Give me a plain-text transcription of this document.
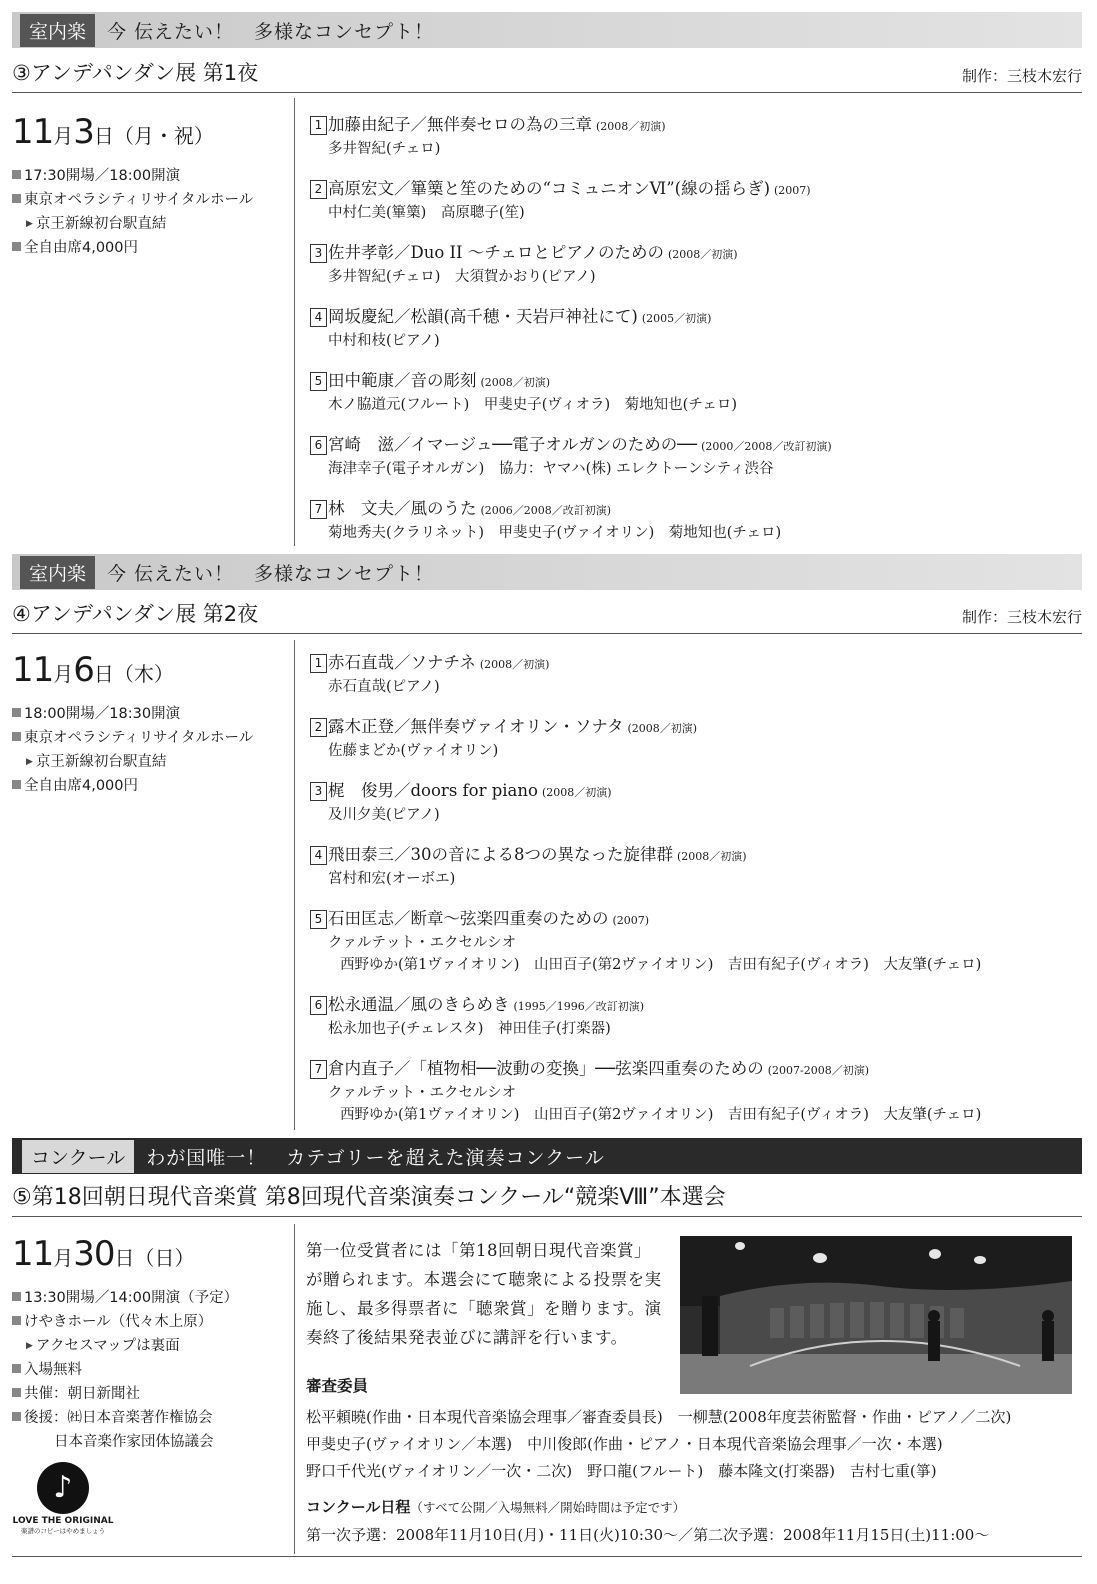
室内楽	今 伝えたい！　多様なコンセプト！
③アンデパンダン展 第1夜	制作：三枝木宏行
11月3日（月・祝）
17:30開場／18:00開演
東京オペラシティリサイタルホール
▶ 京王新線初台駅直結
全自由席4,000円
1 加藤由紀子／無伴奏セロの為の三章 (2008／初演)
多井智紀(チェロ)
2 高原宏文／篳篥と笙のための“コミュニオンⅥ”(線の揺らぎ) (2007)
中村仁美(篳篥)　高原聰子(笙)
3 佐井孝彰／Duo II ～チェロとピアノのための (2008／初演)
多井智紀(チェロ)　大須賀かおり(ピアノ)
4 岡坂慶紀／松韻(高千穂・天岩戸神社にて) (2005／初演)
中村和枝(ピアノ)
5 田中範康／音の彫刻 (2008／初演)
木ノ脇道元(フルート)　甲斐史子(ヴィオラ)　菊地知也(チェロ)
6 宮崎　滋／イマージュ──電子オルガンのための── (2000／2008／改訂初演)
海津幸子(電子オルガン)　協力：ヤマハ(株) エレクトーンシティ渋谷
7 林　文夫／風のうた (2006／2008／改訂初演)
菊地秀夫(クラリネット)　甲斐史子(ヴァイオリン)　菊地知也(チェロ)
室内楽	今 伝えたい！　多様なコンセプト！
④アンデパンダン展 第2夜	制作：三枝木宏行
11月6日（木）
18:00開場／18:30開演
東京オペラシティリサイタルホール
▶ 京王新線初台駅直結
全自由席4,000円
1 赤石直哉／ソナチネ (2008／初演)
赤石直哉(ピアノ)
2 露木正登／無伴奏ヴァイオリン・ソナタ (2008／初演)
佐藤まどか(ヴァイオリン)
3 梶　俊男／doors for piano (2008／初演)
及川夕美(ピアノ)
4 飛田泰三／30の音による8つの異なった旋律群 (2008／初演)
宮村和宏(オーボエ)
5 石田匡志／断章～弦楽四重奏のための (2007)
クァルテット・エクセルシオ
西野ゆか(第1ヴァイオリン)　山田百子(第2ヴァイオリン)　吉田有紀子(ヴィオラ)　大友肇(チェロ)
6 松永通温／風のきらめき (1995／1996／改訂初演)
松永加也子(チェレスタ)　神田佳子(打楽器)
7 倉内直子／「植物相──波動の変換」──弦楽四重奏のための (2007-2008／初演)
クァルテット・エクセルシオ
西野ゆか(第1ヴァイオリン)　山田百子(第2ヴァイオリン)　吉田有紀子(ヴィオラ)　大友肇(チェロ)
コンクール	わが国唯一！　カテゴリーを超えた演奏コンクール
⑤第18回朝日現代音楽賞 第8回現代音楽演奏コンクール“競楽Ⅷ”本選会
11月30日（日）
13:30開場／14:00開演（予定）
けやきホール（代々木上原）
▶ アクセスマップは裏面
入場無料
共催：朝日新聞社
後援：㈳日本音楽著作権協会
日本音楽作家団体協議会
第一位受賞者には「第18回朝日現代音楽賞」が贈られます。本選会にて聴衆による投票を実施し、最多得票者に「聴衆賞」を贈ります。演奏終了後結果発表並びに講評を行います。
審査委員
松平頼曉(作曲・日本現代音楽協会理事／審査委員長)　一柳慧(2008年度芸術監督・作曲・ピアノ／二次)
甲斐史子(ヴァイオリン／本選)　中川俊郎(作曲・ピアノ・日本現代音楽協会理事／一次・本選)
野口千代光(ヴァイオリン／一次・二次)　野口龍(フルート)　藤本隆文(打楽器)　吉村七重(箏)
コンクール日程（すべて公開／入場無料／開始時間は予定です）
第一次予選：2008年11月10日(月)・11日(火)10:30～／第二次予選：2008年11月15日(土)11:00～
♪
LOVE THE ORIGINAL
楽譜のコピーはやめましょう
